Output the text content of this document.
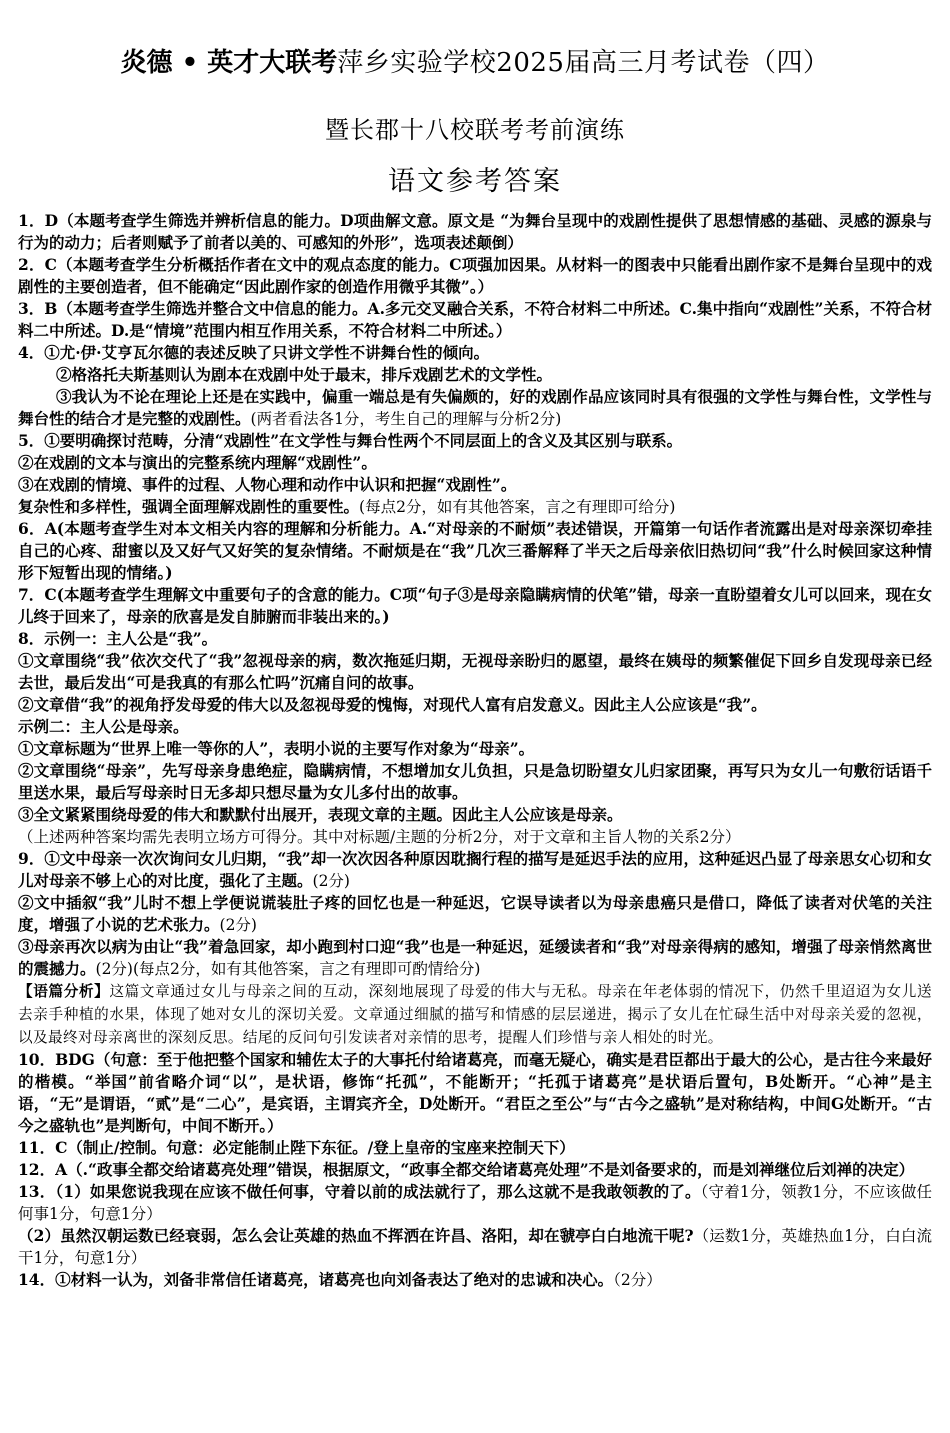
炎德 • 英才大联考萍乡实验学校2025届高三月考试卷（四）
暨长郡十八校联考考前演练
语文参考答案

1．D（本题考查学生筛选并辨析信息的能力。D项曲解文意。原文是 “为舞台呈现中的戏剧性提供了思想情感的基础、灵感的源泉与行为的动力；后者则赋予了前者以美的、可感知的外形”，选项表述颠倒）

2．C（本题考查学生分析概括作者在文中的观点态度的能力。C项强加因果。从材料一的图表中只能看出剧作家不是舞台呈现中的戏剧性的主要创造者，但不能确定“因此剧作家的创造作用微乎其微”。）

3．B（本题考查学生筛选并整合文中信息的能力。A.多元交叉融合关系，不符合材料二中所述。C.集中指向“戏剧性”关系，不符合材料二中所述。D.是“情境”范围内相互作用关系，不符合材料二中所述。）

4．①尤·伊·艾亨瓦尔德的表述反映了只讲文学性不讲舞台性的倾向。

②格洛托夫斯基则认为剧本在戏剧中处于最末，排斥戏剧艺术的文学性。

③我认为不论在理论上还是在实践中，偏重一端总是有失偏颇的，好的戏剧作品应该同时具有很强的文学性与舞台性，文学性与舞台性的结合才是完整的戏剧性。(两者看法各1分，考生自己的理解与分析2分)

5．①要明确探讨范畴，分清“戏剧性”在文学性与舞台性两个不同层面上的含义及其区别与联系。

②在戏剧的文本与演出的完整系统内理解“戏剧性”。

③在戏剧的情境、事件的过程、人物心理和动作中认识和把握“戏剧性”。

复杂性和多样性，强调全面理解戏剧性的重要性。(每点2分，如有其他答案，言之有理即可给分)

6．A(本题考查学生对本文相关内容的理解和分析能力。A.“对母亲的不耐烦”表述错误，开篇第一句话作者流露出是对母亲深切牵挂自己的心疼、甜蜜以及又好气又好笑的复杂情绪。不耐烦是在“我”几次三番解释了半天之后母亲依旧热切问“我”什么时候回家这种情形下短暂出现的情绪。)

7．C(本题考查学生理解文中重要句子的含意的能力。C项“句子③是母亲隐瞒病情的伏笔”错，母亲一直盼望着女儿可以回来，现在女儿终于回来了，母亲的欣喜是发自肺腑而非装出来的。)

8．示例一：主人公是“我”。

①文章围绕“我”依次交代了“我”忽视母亲的病，数次拖延归期，无视母亲盼归的愿望，最终在姨母的频繁催促下回乡自发现母亲已经去世，最后发出“可是我真的有那么忙吗”沉痛自问的故事。

②文章借“我”的视角抒发母爱的伟大以及忽视母爱的愧悔，对现代人富有启发意义。因此主人公应该是“我”。

示例二：主人公是母亲。

①文章标题为“世界上唯一等你的人”，表明小说的主要写作对象为“母亲”。

②文章围绕“母亲”，先写母亲身患绝症，隐瞒病情，不想增加女儿负担，只是急切盼望女儿归家团聚，再写只为女儿一句敷衍话语千里送水果，最后写母亲时日无多却只想尽量为女儿多付出的故事。

③全文紧紧围绕母爱的伟大和默默付出展开，表现文章的主题。因此主人公应该是母亲。

（上述两种答案均需先表明立场方可得分。其中对标题/主题的分析2分，对于文章和主旨人物的关系2分）

9．①文中母亲一次次询问女儿归期，“我”却一次次因各种原因耽搁行程的描写是延迟手法的应用，这种延迟凸显了母亲思女心切和女儿对母亲不够上心的对比度，强化了主题。(2分)

②文中插叙“我”儿时不想上学便说谎装肚子疼的回忆也是一种延迟，它误导读者以为母亲患癌只是借口，降低了读者对伏笔的关注度，增强了小说的艺术张力。(2分)

③母亲再次以病为由让“我”着急回家，却小跑到村口迎“我”也是一种延迟，延缓读者和“我”对母亲得病的感知，增强了母亲悄然离世的震撼力。(2分)(每点2分，如有其他答案，言之有理即可酌情给分)

【语篇分析】这篇文章通过女儿与母亲之间的互动，深刻地展现了母爱的伟大与无私。母亲在年老体弱的情况下，仍然千里迢迢为女儿送去亲手种植的水果，体现了她对女儿的深切关爱。文章通过细腻的描写和情感的层层递进，揭示了女儿在忙碌生活中对母亲关爱的忽视，以及最终对母亲离世的深刻反思。结尾的反问句引发读者对亲情的思考，提醒人们珍惜与亲人相处的时光。

10．BDG（句意：至于他把整个国家和辅佐太子的大事托付给诸葛亮，而毫无疑心，确实是君臣都出于最大的公心，是古往今来最好的楷模。“举国”前省略介词“以”，是状语，修饰“托孤”，不能断开；“托孤于诸葛亮”是状语后置句，B处断开。“心神”是主语，“无”是谓语，“贰”是“二心”，是宾语，主谓宾齐全，D处断开。“君臣之至公”与“古今之盛轨”是对称结构，中间G处断开。“古今之盛轨也”是判断句，中间不断开。）

11．C（制止/控制。句意：必定能制止陛下东征。/登上皇帝的宝座来控制天下）

12．A（.“政事全都交给诸葛亮处理”错误，根据原文，“政事全都交给诸葛亮处理”不是刘备要求的，而是刘禅继位后刘禅的决定）

13．（1）如果您说我现在应该不做任何事，守着以前的成法就行了，那么这就不是我敢领教的了。（守着1分，领教1分，不应该做任何事1分，句意1分）

（2）虽然汉朝运数已经衰弱，怎么会让英雄的热血不挥洒在许昌、洛阳，却在虢亭白白地流干呢?（运数1分，英雄热血1分，白白流干1分，句意1分）

14．①材料一认为，刘备非常信任诸葛亮，诸葛亮也向刘备表达了绝对的忠诚和决心。（2分）
